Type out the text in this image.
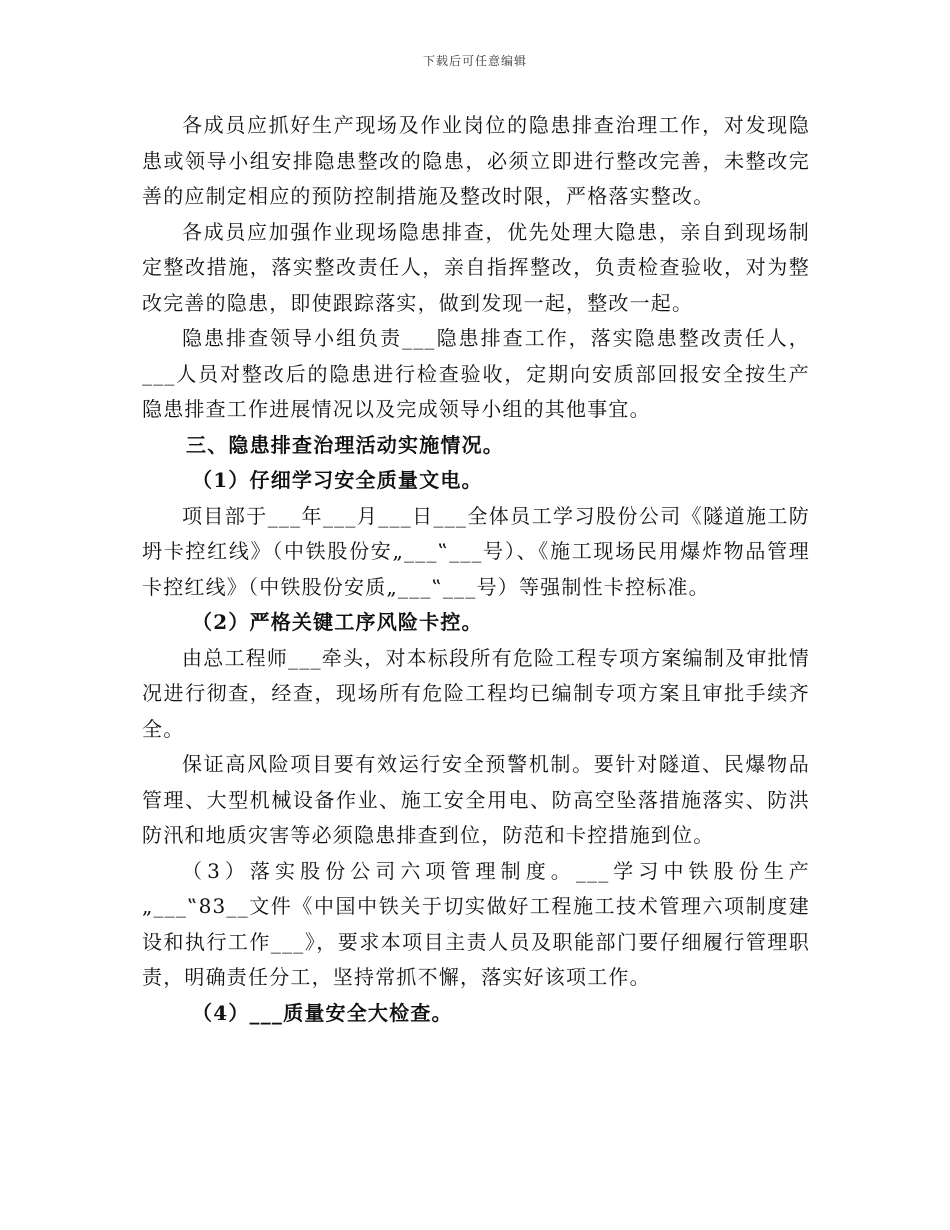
下载后可任意编辑

各成员应抓好生产现场及作业岗位的隐患排查治理工作，对发现隐患或领导小组安排隐患整改的隐患，必须立即进行整改完善，未整改完善的应制定相应的预防控制措施及整改时限，严格落实整改。

各成员应加强作业现场隐患排查，优先处理大隐患，亲自到现场制定整改措施，落实整改责任人，亲自指挥整改，负责检查验收，对为整改完善的隐患，即使跟踪落实，做到发现一起，整改一起。

隐患排查领导小组负责___隐患排查工作，落实隐患整改责任人，___人员对整改后的隐患进行检查验收，定期向安质部回报安全按生产隐患排查工作进展情况以及完成领导小组的其他事宜。

三、隐患排查治理活动实施情况。

（1）仔细学习安全质量文电。

项目部于___年___月___日___全体员工学习股份公司《隧道施工防坍卡控红线》（中铁股份安„___‟___号）、《施工现场民用爆炸物品管理卡控红线》（中铁股份安质„___‟___号）等强制性卡控标准。

（2）严格关键工序风险卡控。

由总工程师___牵头，对本标段所有危险工程专项方案编制及审批情况进行彻查，经查，现场所有危险工程均已编制专项方案且审批手续齐全。

保证高风险项目要有效运行安全预警机制。要针对隧道、民爆物品管理、大型机械设备作业、施工安全用电、防高空坠落措施落实、防洪防汛和地质灾害等必须隐患排查到位，防范和卡控措施到位。

（3）落实股份公司六项管理制度。___学习中铁股份生产„___‟83__文件《中国中铁关于切实做好工程施工技术管理六项制度建设和执行工作___》，要求本项目主责人员及职能部门要仔细履行管理职责，明确责任分工，坚持常抓不懈，落实好该项工作。

（4）___质量安全大检查。
